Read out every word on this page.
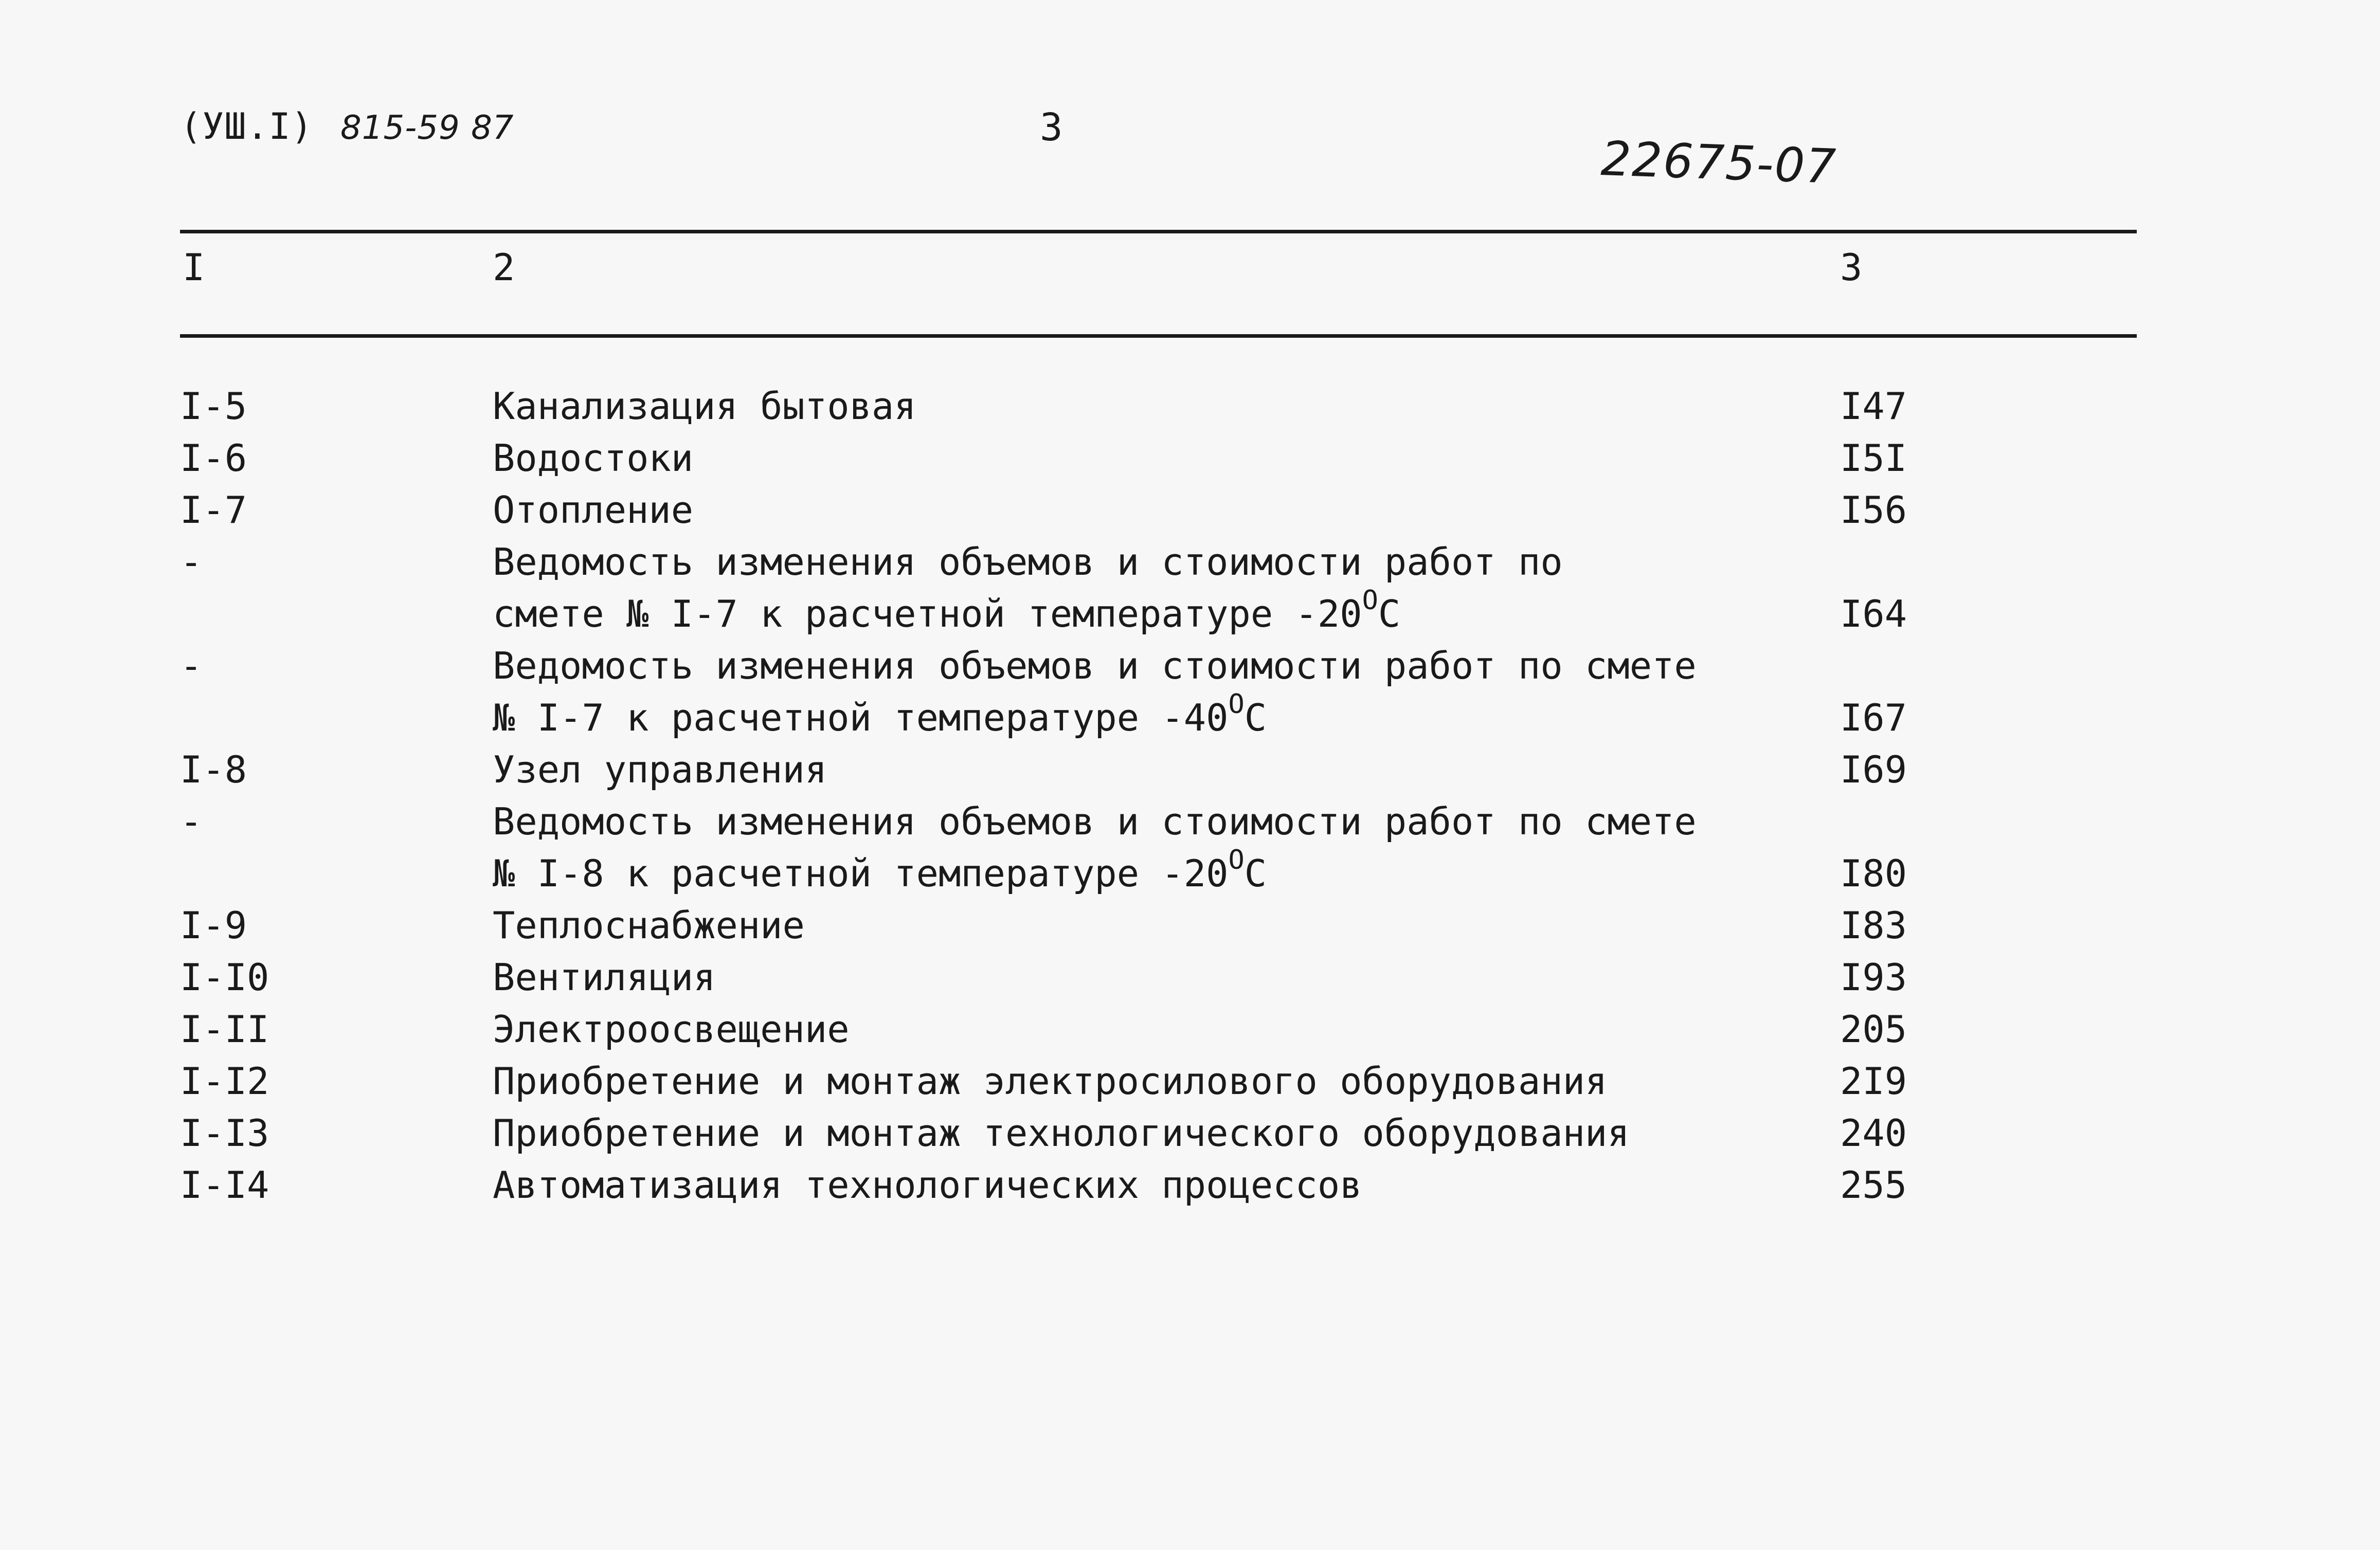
(УШ.I) 815-59 87	3
22675-07
I	2	3
I-5	Канализация бытовая	I47
I-6	Водостоки	I5I
I-7	Отопление	I56
-	Ведомость изменения объемов и стоимости работ по
смете № I-7 к расчетной температуре $-20^OC$	I64
-	Ведомость изменения объемов и стоимости работ по смете
№ I-7 к расчетной температуре $-40^OC$	I67
I-8	Узел управления	I69
-	Ведомость изменения объемов и стоимости работ по смете
№ I-8 к расчетной температуре $-20^OC$	I80
I-9	Теплоснабжение	I83
I-I0	Вентиляция	I93
I-II	Электроосвещение	205
I-I2	Приобретение и монтаж электросилового оборудования	2I9
I-I3	Приобретение и монтаж технологического оборудования	240
I-I4	Автоматизация технологических процессов	255
